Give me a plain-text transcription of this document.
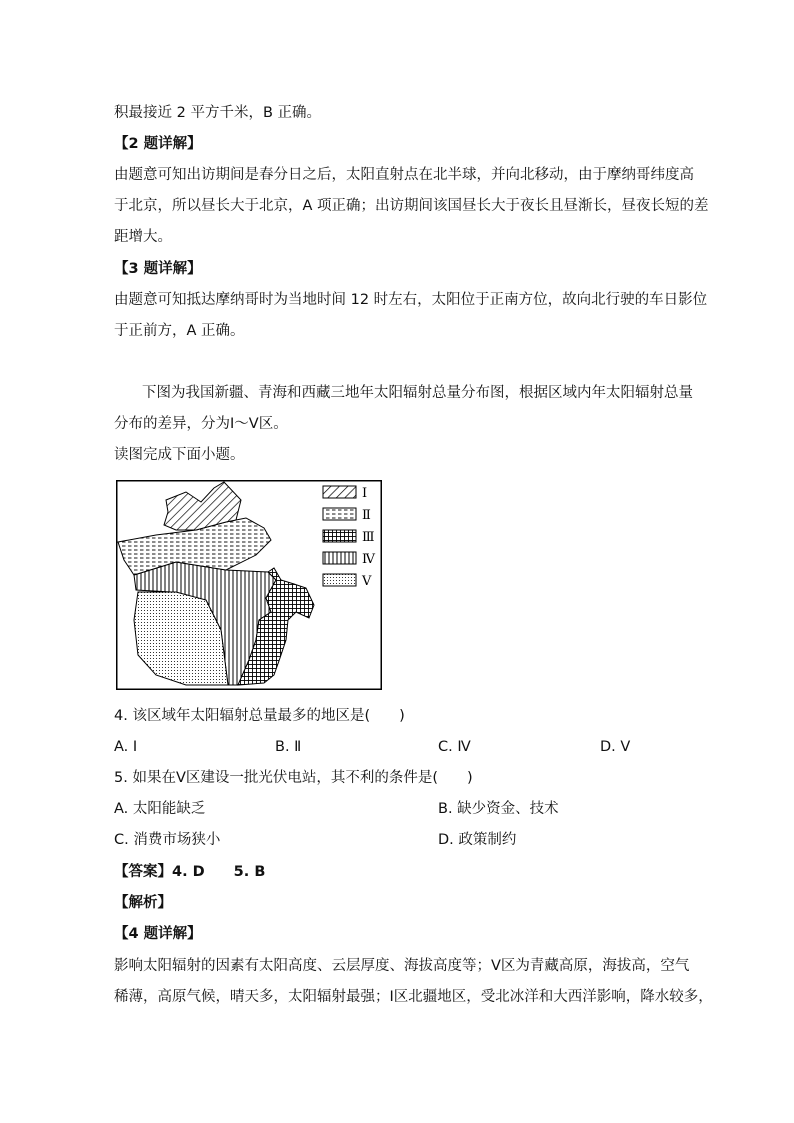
积最接近 2 平方千米，B 正确。
【2 题详解】
由题意可知出访期间是春分日之后，太阳直射点在北半球，并向北移动，由于摩纳哥纬度高
于北京，所以昼长大于北京，A 项正确；出访期间该国昼长大于夜长且昼渐长，昼夜长短的差
距增大。
【3 题详解】
由题意可知抵达摩纳哥时为当地时间 12 时左右，太阳位于正南方位，故向北行驶的车日影位
于正前方，A 正确。
下图为我国新疆、青海和西藏三地年太阳辐射总量分布图，根据区域内年太阳辐射总量
分布的差异，分为Ⅰ～Ⅴ区。
读图完成下面小题。
Ⅰ
Ⅱ
Ⅲ
Ⅳ
Ⅴ
4. 该区域年太阳辐射总量最多的地区是(　　)
A. Ⅰ	B. Ⅱ	C. Ⅳ	D. Ⅴ
5. 如果在Ⅴ区建设一批光伏电站，其不利的条件是(　　)
A. 太阳能缺乏	B. 缺少资金、技术
C. 消费市场狭小	D. 政策制约
【答案】4. D　　5. B
【解析】
【4 题详解】
影响太阳辐射的因素有太阳高度、云层厚度、海拔高度等；Ⅴ区为青藏高原，海拔高，空气
稀薄，高原气候，晴天多，太阳辐射最强；Ⅰ区北疆地区，受北冰洋和大西洋影响，降水较多，
